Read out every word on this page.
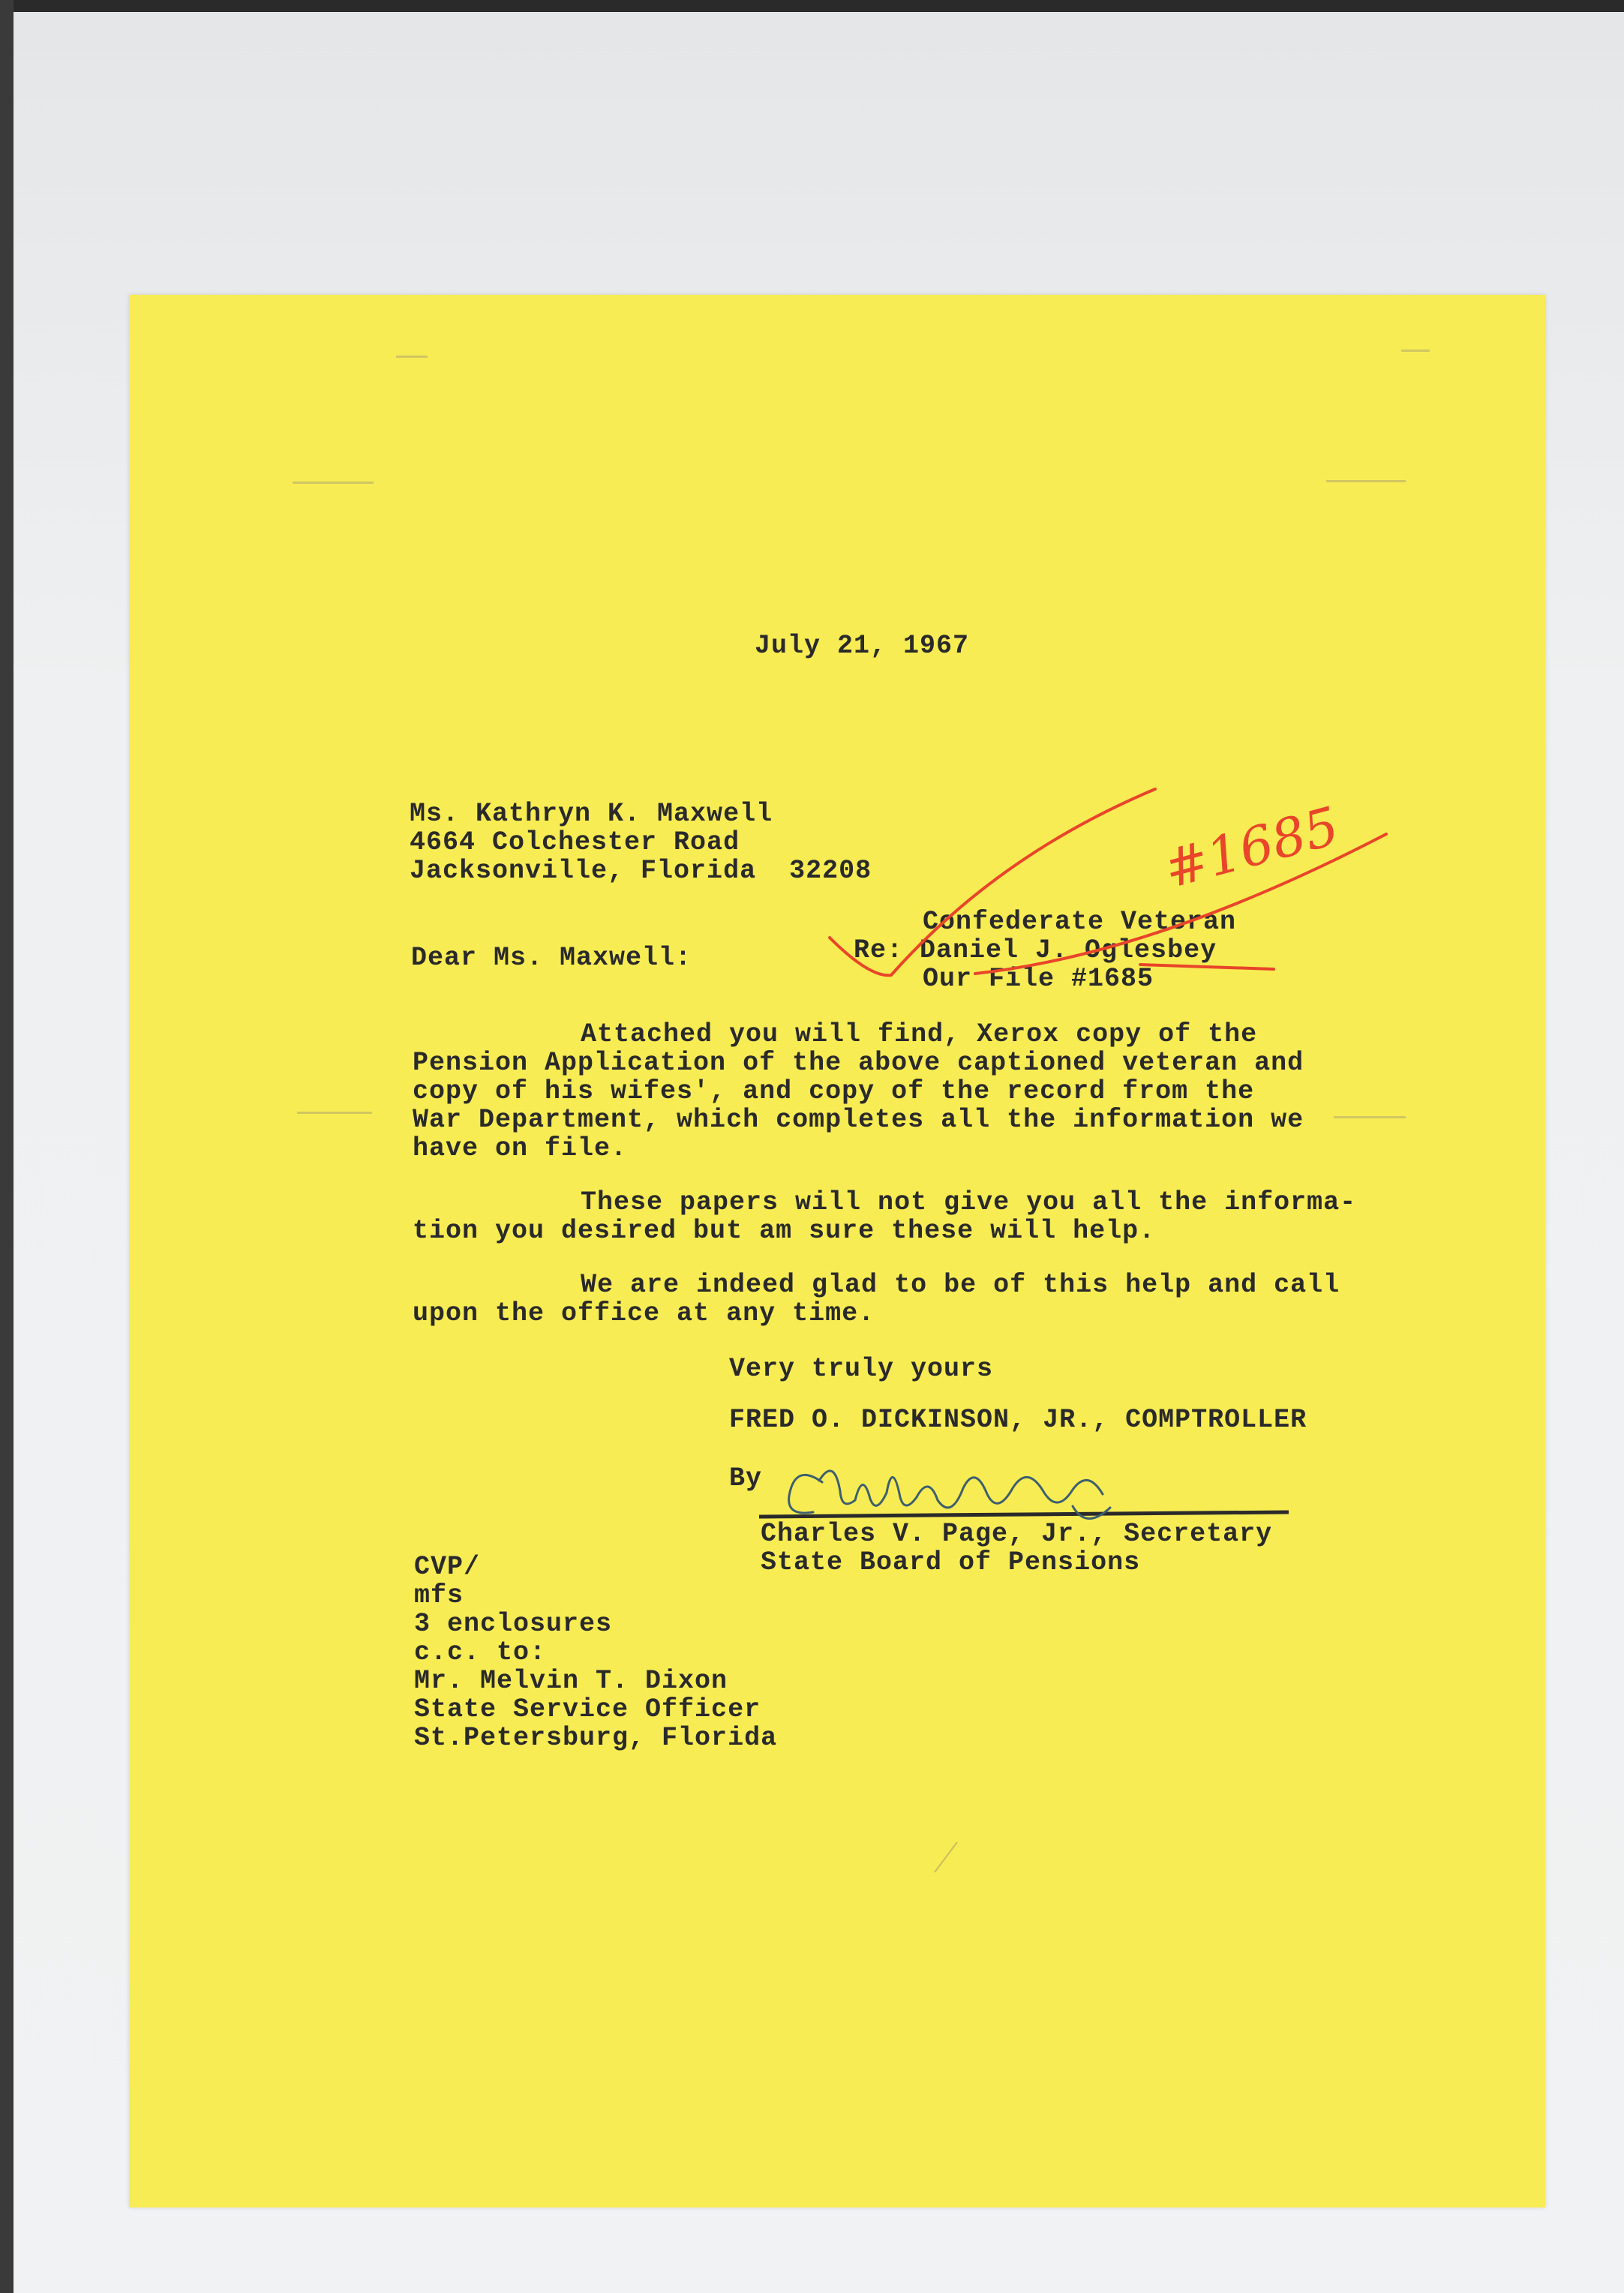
July 21, 1967
Ms. Kathryn K. Maxwell
4664 Colchester Road
Jacksonville, Florida  32208
Confederate Veteran
Dear Ms. Maxwell:	Re: Daniel J. Oglesbey
Our File #1685
Attached you will find, Xerox copy of the
Pension Application of the above captioned veteran and
copy of his wifes', and copy of the record from the
War Department, which completes all the information we
have on file.
These papers will not give you all the informa-
tion you desired but am sure these will help.
We are indeed glad to be of this help and call
upon the office at any time.
Very truly yours
FRED O. DICKINSON, JR., COMPTROLLER
By
Charles V. Page, Jr., Secretary
State Board of Pensions
CVP/
mfs
3 enclosures
c.c. to:
Mr. Melvin T. Dixon
State Service Officer
St.Petersburg, Florida
#1685
